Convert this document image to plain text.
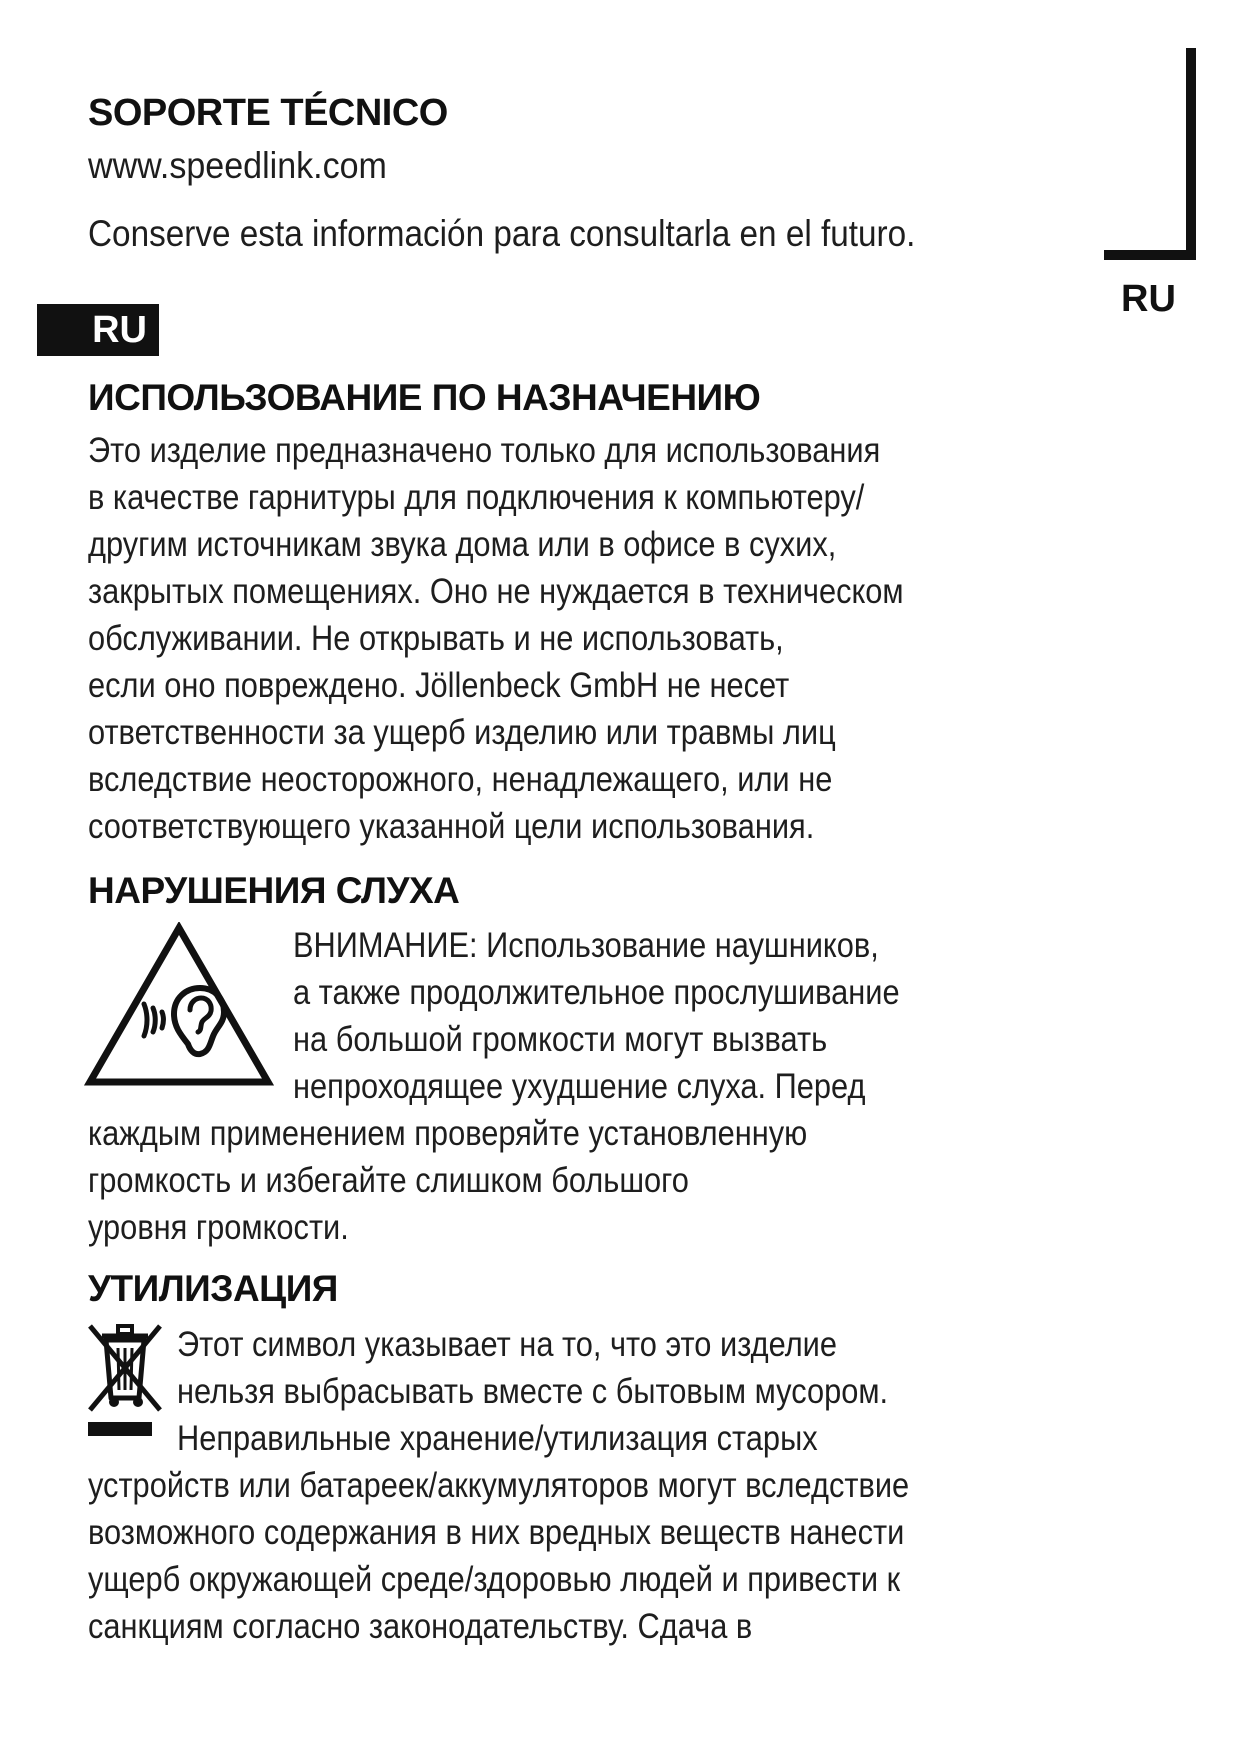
RU
SOPORTE TÉCNICO
www.speedlink.com
Conserve esta información para consultarla en el futuro.
RU
ИСПОЛЬЗОВАНИЕ ПО НАЗНАЧЕНИЮ
Это изделие предназначено только для использования
в качестве гарнитуры для подключения к компьютеру/
другим источникам звука дома или в офисе в сухих,
закрытых помещениях. Оно не нуждается в техническом
обслуживании. Не открывать и не использовать,
если оно повреждено. Jöllenbeck GmbH не несет
ответственности за ущерб изделию или травмы лиц
вследствие неосторожного, ненадлежащего, или не
соответствующего указанной цели использования.
НАРУШЕНИЯ СЛУХА
ВНИМАНИЕ: Использование наушников,
а также продолжительное прослушивание
на большой громкости могут вызвать
непроходящее ухудшение слуха. Перед
каждым применением проверяйте установленную
громкость и избегайте слишком большого
уровня громкости.
УТИЛИЗАЦИЯ
Этот символ указывает на то, что это изделие
нельзя выбрасывать вместе с бытовым мусором.
Неправильные хранение/утилизация старых
устройств или батареек/аккумуляторов могут вследствие
возможного содержания в них вредных веществ нанести
ущерб окружающей среде/здоровью людей и привести к
санкциям согласно законодательству. Сдача в
